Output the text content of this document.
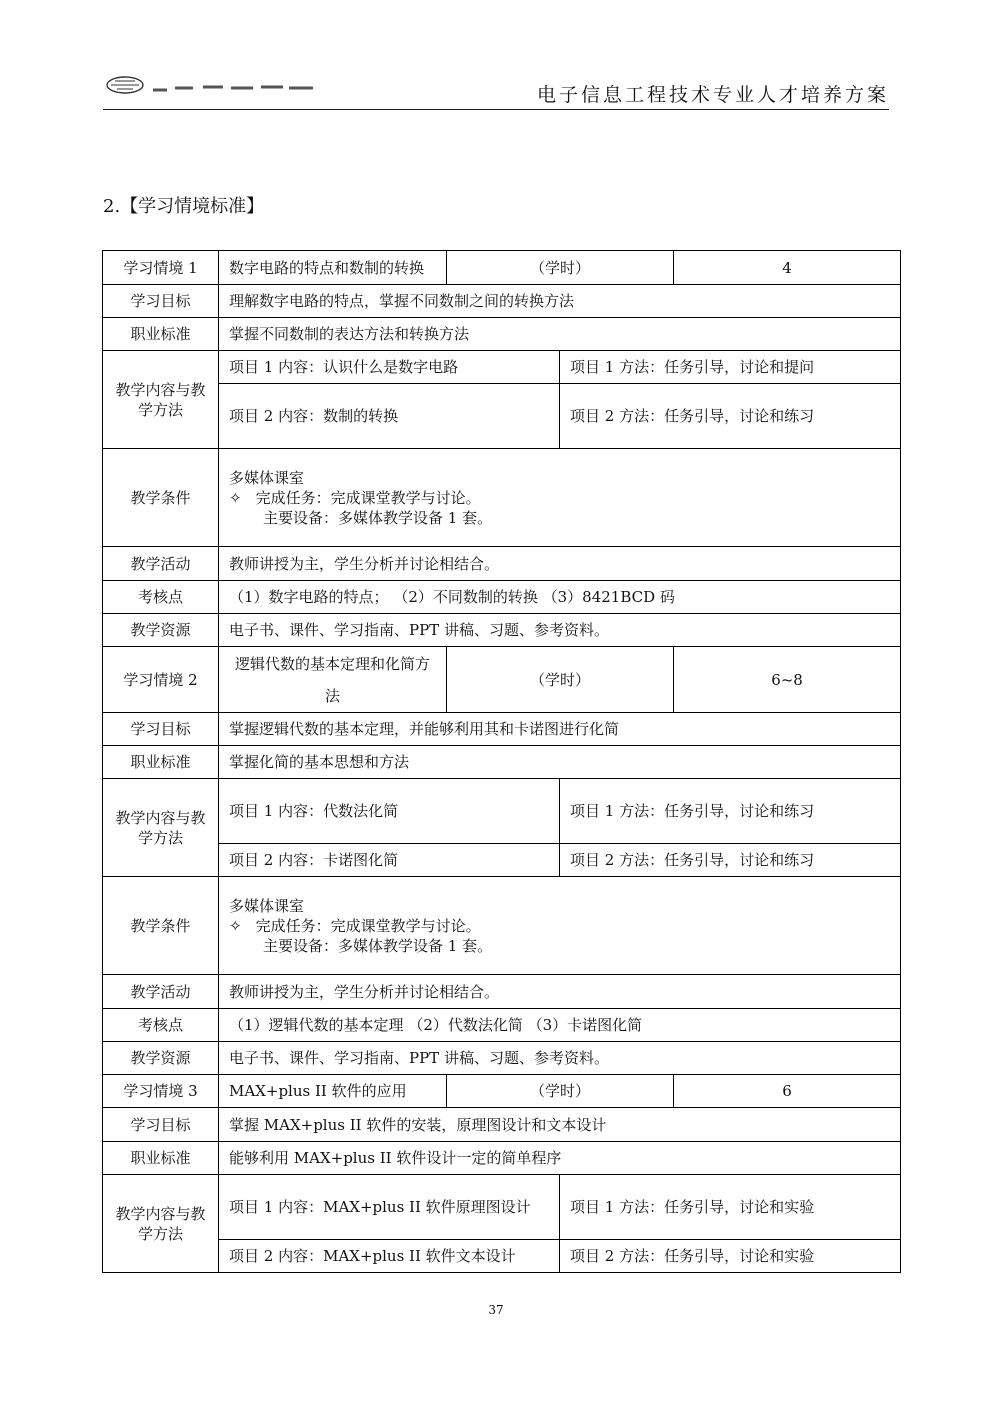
电子信息工程技术专业人才培养方案
2.【学习情境标准】
学习情境 1	数字电路的特点和数制的转换	（学时）		4
学习目标	理解数字电路的特点，掌握不同数制之间的转换方法			
职业标准	掌握不同数制的表达方法和转换方法			
教学内容与教学方法	项目 1 内容：认识什么是数字电路		项目 1 方法：任务引导，讨论和提问	
	项目 2 内容：数制的转换		项目 2 方法：任务引导，讨论和练习	
教学条件	多媒体课室
✧ 完成任务：完成课堂教学与讨论。
主要设备：多媒体教学设备 1 套。			

教学活动	教师讲授为主，学生分析并讨论相结合。			
考核点	（1）数字电路的特点； （2）不同数制的转换 （3）8421BCD 码			
教学资源	电子书、课件、学习指南、PPT 讲稿、习题、参考资料。			
学习情境 2	逻辑代数的基本定理和化简方法	（学时）		6~8
学习目标	掌握逻辑代数的基本定理，并能够利用其和卡诺图进行化简			
职业标准	掌握化简的基本思想和方法			
教学内容与教学方法	项目 1 内容：代数法化简		项目 1 方法：任务引导，讨论和练习	
	项目 2 内容：卡诺图化简		项目 2 方法：任务引导，讨论和练习	
教学条件	多媒体课室
✧ 完成任务：完成课堂教学与讨论。
主要设备：多媒体教学设备 1 套。			

教学活动	教师讲授为主，学生分析并讨论相结合。			
考核点	（1）逻辑代数的基本定理 （2）代数法化简 （3）卡诺图化简			
教学资源	电子书、课件、学习指南、PPT 讲稿、习题、参考资料。			
学习情境 3	MAX+plus II 软件的应用	（学时）		6
学习目标	掌握 MAX+plus II 软件的安装，原理图设计和文本设计			
职业标准	能够利用 MAX+plus II 软件设计一定的简单程序			
教学内容与教学方法	项目 1 内容：MAX+plus II 软件原理图设计		项目 1 方法：任务引导，讨论和实验	
	项目 2 内容：MAX+plus II 软件文本设计		项目 2 方法：任务引导，讨论和实验	
37
